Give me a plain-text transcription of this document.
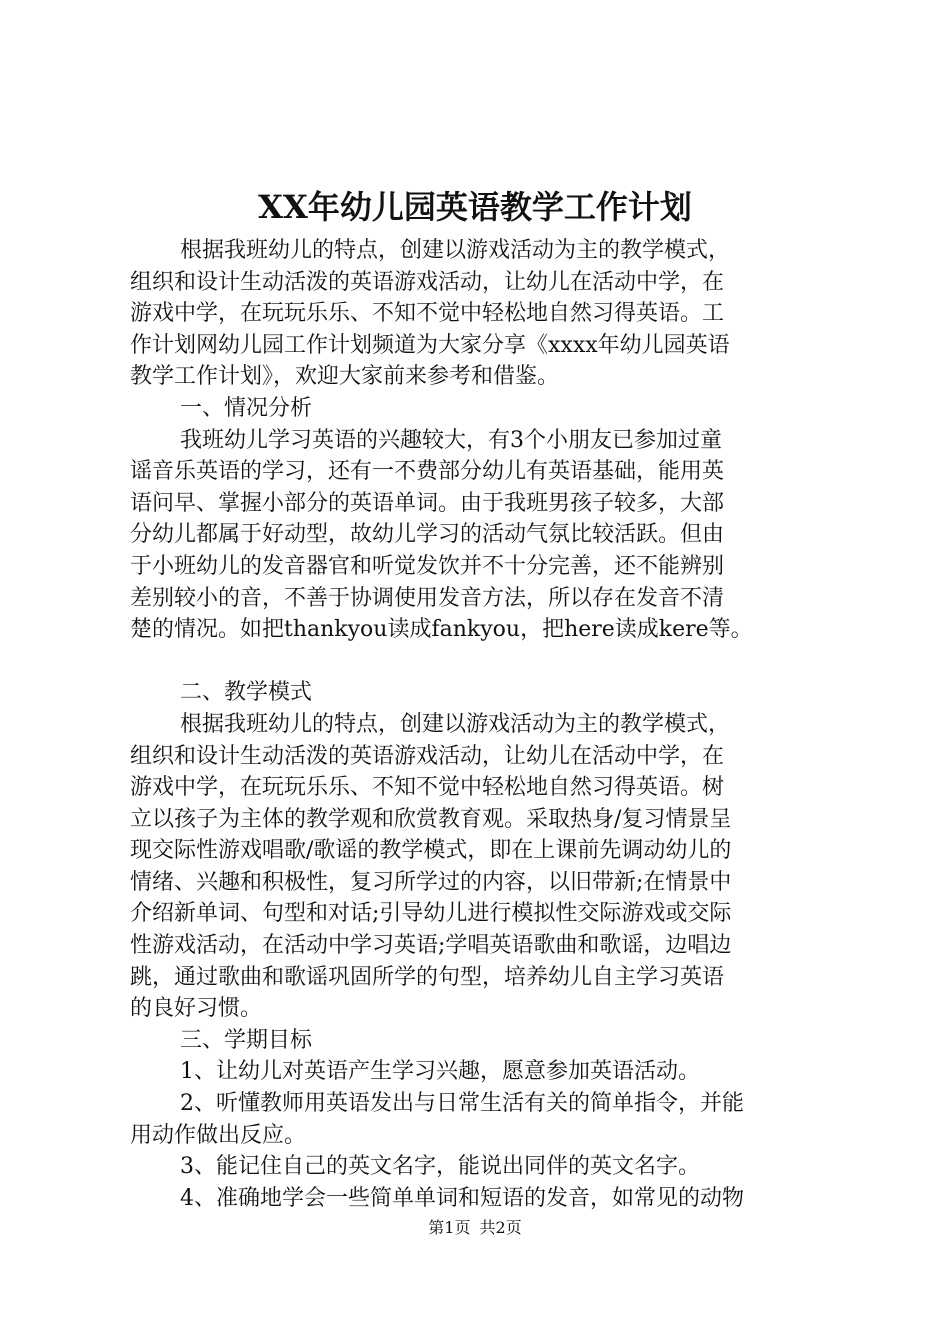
XX年幼儿园英语教学工作计划
根据我班幼儿的特点，创建以游戏活动为主的教学模式，
组织和设计生动活泼的英语游戏活动，让幼儿在活动中学，在
游戏中学，在玩玩乐乐、不知不觉中轻松地自然习得英语。工
作计划网幼儿园工作计划频道为大家分享《xxxx年幼儿园英语
教学工作计划》，欢迎大家前来参考和借鉴。
一、情况分析
我班幼儿学习英语的兴趣较大，有3个小朋友已参加过童
谣音乐英语的学习，还有一不费部分幼儿有英语基础，能用英
语问早、掌握小部分的英语单词。由于我班男孩子较多，大部
分幼儿都属于好动型，故幼儿学习的活动气氛比较活跃。但由
于小班幼儿的发音器官和听觉发饮并不十分完善，还不能辨别
差别较小的音，不善于协调使用发音方法，所以存在发音不清
楚的情况。如把thankyou读成fankyou，把here读成kere等。
二、教学模式
根据我班幼儿的特点，创建以游戏活动为主的教学模式，
组织和设计生动活泼的英语游戏活动，让幼儿在活动中学，在
游戏中学，在玩玩乐乐、不知不觉中轻松地自然习得英语。树
立以孩子为主体的教学观和欣赏教育观。采取热身/复习情景呈
现交际性游戏唱歌/歌谣的教学模式，即在上课前先调动幼儿的
情绪、兴趣和积极性，复习所学过的内容，以旧带新;在情景中
介绍新单词、句型和对话;引导幼儿进行模拟性交际游戏或交际
性游戏活动，在活动中学习英语;学唱英语歌曲和歌谣，边唱边
跳，通过歌曲和歌谣巩固所学的句型，培养幼儿自主学习英语
的良好习惯。
三、学期目标
1、让幼儿对英语产生学习兴趣，愿意参加英语活动。
2、听懂教师用英语发出与日常生活有关的简单指令，并能
用动作做出反应。
3、能记住自己的英文名字，能说出同伴的英文名字。
4、准确地学会一些简单单词和短语的发音，如常见的动物
第1页 共2页
